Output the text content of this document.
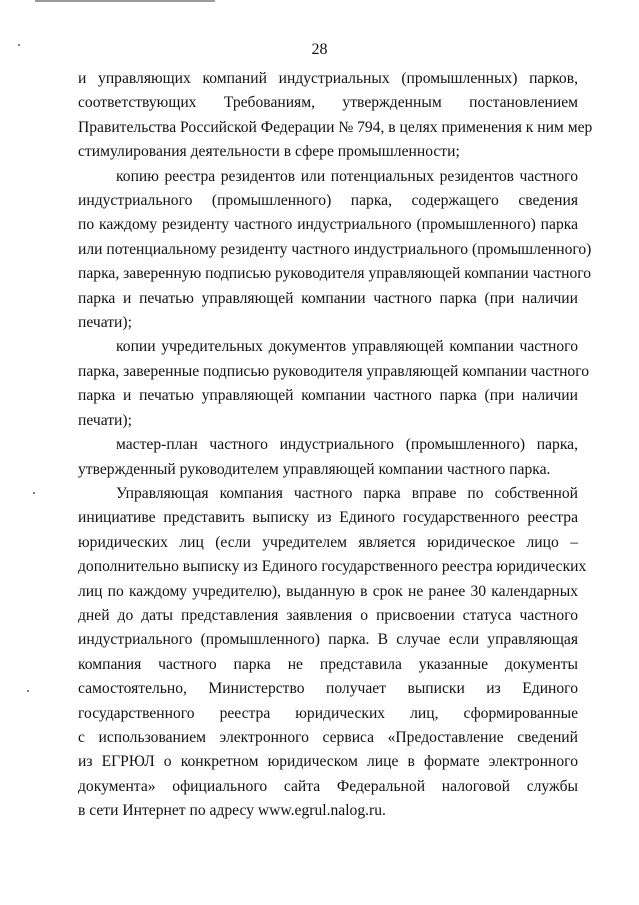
28

и управляющих компаний индустриальных (промышленных) парков,
соответствующих Требованиям, утвержденным постановлением
Правительства Российской Федерации № 794, в целях применения к ним мер
стимулирования деятельности в сфере промышленности;

копию реестра резидентов или потенциальных резидентов частного
индустриального (промышленного) парка, содержащего сведения
по каждому резиденту частного индустриального (промышленного) парка
или потенциальному резиденту частного индустриального (промышленного)
парка, заверенную подписью руководителя управляющей компании частного
парка и печатью управляющей компании частного парка (при наличии
печати);

копии учредительных документов управляющей компании частного
парка, заверенные подписью руководителя управляющей компании частного
парка и печатью управляющей компании частного парка (при наличии
печати);

мастер-план частного индустриального (промышленного) парка,
утвержденный руководителем управляющей компании частного парка.

Управляющая компания частного парка вправе по собственной
инициативе представить выписку из Единого государственного реестра
юридических лиц (если учредителем является юридическое лицо –
дополнительно выписку из Единого государственного реестра юридических
лиц по каждому учредителю), выданную в срок не ранее 30 календарных
дней до даты представления заявления о присвоении статуса частного
индустриального (промышленного) парка. В случае если управляющая
компания частного парка не представила указанные документы
самостоятельно, Министерство получает выписки из Единого
государственного реестра юридических лиц, сформированные
с использованием электронного сервиса «Предоставление сведений
из ЕГРЮЛ о конкретном юридическом лице в формате электронного
документа» официального сайта Федеральной налоговой службы
в сети Интернет по адресу www.egrul.nalog.ru.
